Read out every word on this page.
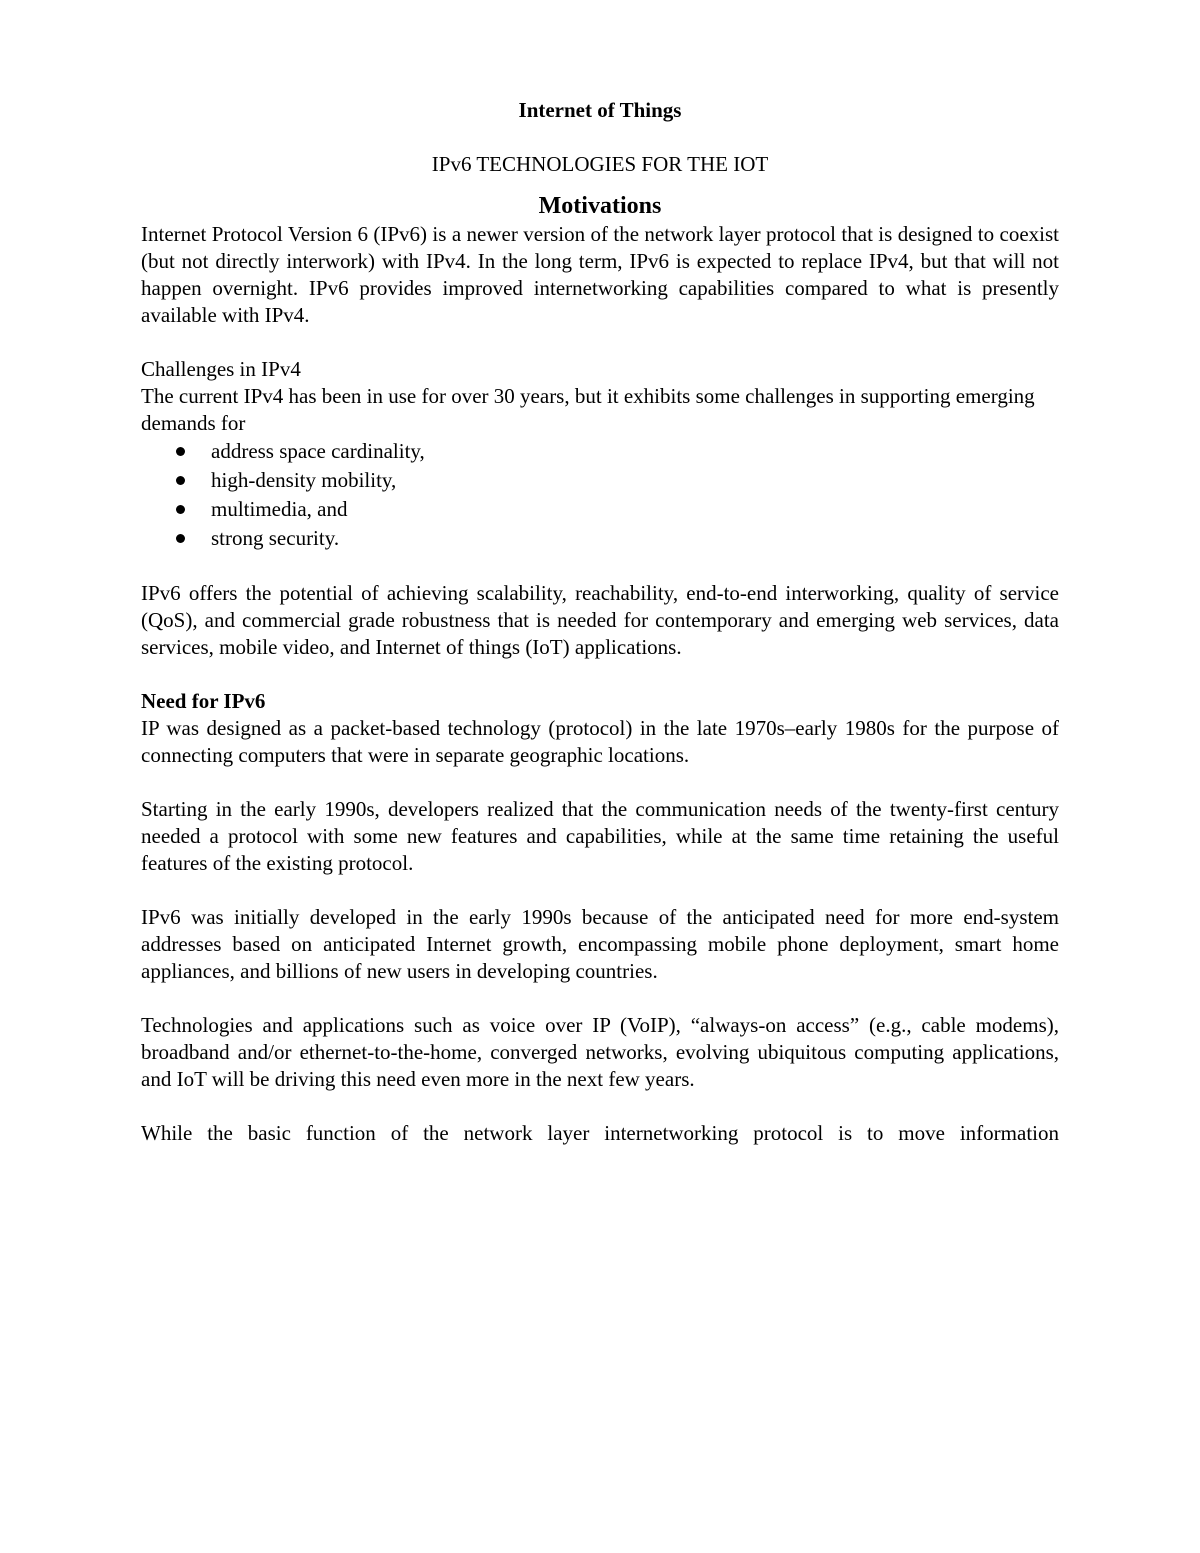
Internet of Things
IPv6 TECHNOLOGIES FOR THE IOT
Motivations

Internet Protocol Version 6 (IPv6) is a newer version of the network layer protocol that is designed to coexist (but not directly interwork) with IPv4. In the long term, IPv6 is expected to replace IPv4, but that will not happen overnight. IPv6 provides improved internetworking capabilities compared to what is presently available with IPv4.

Challenges in IPv4

The current IPv4 has been in use for over 30 years, but it exhibits some challenges in supporting emerging demands for

address space cardinality,
high-density mobility,
multimedia, and
strong security.

IPv6 offers the potential of achieving scalability, reachability, end-to-end interworking, quality of service (QoS), and commercial grade robustness that is needed for contemporary and emerging web services, data services, mobile video, and Internet of things (IoT) applications.

Need for IPv6

IP was designed as a packet-based technology (protocol) in the late 1970s–early 1980s for the purpose of connecting computers that were in separate geographic locations.

Starting in the early 1990s, developers realized that the communication needs of the twenty-first century needed a protocol with some new features and capabilities, while at the same time retaining the useful features of the existing protocol.

IPv6 was initially developed in the early 1990s because of the anticipated need for more end-system addresses based on anticipated Internet growth, encompassing mobile phone deployment, smart home appliances, and billions of new users in developing countries.

Technologies and applications such as voice over IP (VoIP), “always-on access” (e.g., cable modems), broadband and/or ethernet-to-the-home, converged networks, evolving ubiquitous computing applications, and IoT will be driving this need even more in the next few years.

While the basic function of the network layer internetworking protocol is to move information
